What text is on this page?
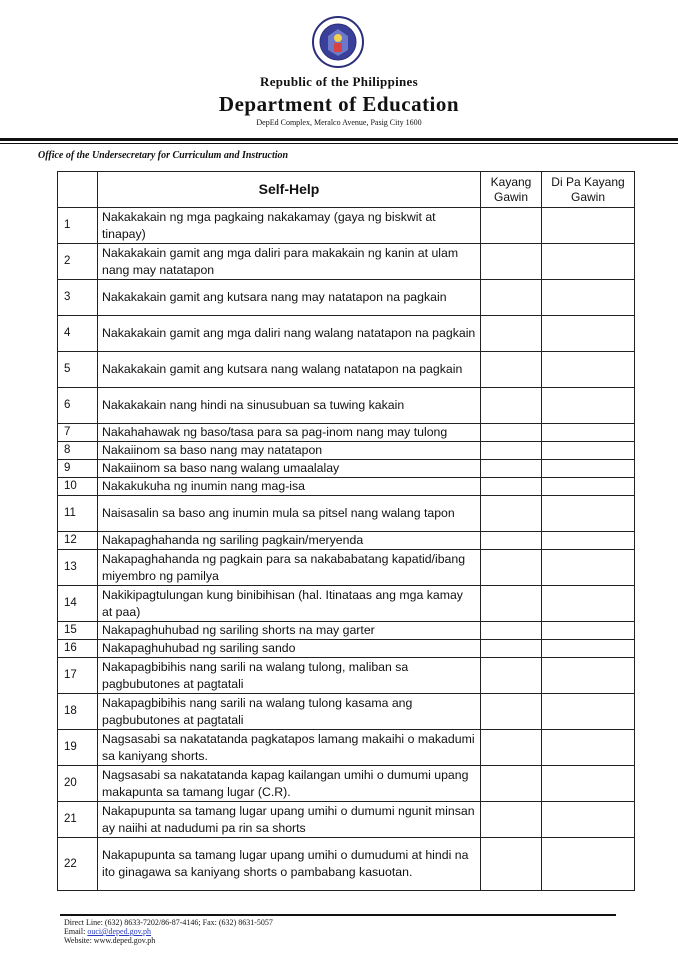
Republic of the Philippines
Department of Education
DepEd Complex, Meralco Avenue, Pasig City 1600
Office of the Undersecretary for Curriculum and Instruction
	Self-Help	Kayang Gawin	Di Pa Kayang Gawin
1	Nakakakain ng mga pagkaing nakakamay (gaya ng biskwit at tinapay)		
2	Nakakakain gamit ang mga daliri para makakain ng kanin at ulam nang may natatapon		
3	Nakakakain gamit ang kutsara nang may natatapon na pagkain		
4	Nakakakain gamit ang mga daliri nang walang natatapon na pagkain		
5	Nakakakain gamit ang kutsara nang walang natatapon na pagkain		
6	Nakakakain nang hindi na sinusubuan sa tuwing kakain		
7	Nakahahawak ng baso/tasa para sa pag-inom nang may tulong		
8	Nakaiinom sa baso nang may natatapon		
9	Nakaiinom sa baso nang walang umaalalay		
10	Nakakukuha ng inumin nang mag-isa		
11	Naisasalin sa baso ang inumin mula sa pitsel nang walang tapon		
12	Nakapaghahanda ng sariling pagkain/meryenda		
13	Nakapaghahanda ng pagkain para sa nakababatang kapatid/ibang miyembro ng pamilya		
14	Nakikipagtulungan kung binibihisan (hal. Itinataas ang mga kamay at paa)		
15	Nakapaghuhubad ng sariling shorts na may garter		
16	Nakapaghuhubad ng sariling sando		
17	Nakapagbibihis nang sarili na walang tulong, maliban sa pagbubutones at pagtatali		
18	Nakapagbibihis nang sarili na walang tulong kasama ang pagbubutones at pagtatali		
19	Nagsasabi sa nakatatanda pagkatapos lamang makaihi o makadumi sa kaniyang shorts.		
20	Nagsasabi sa nakatatanda kapag kailangan umihi o dumumi upang makapunta sa tamang lugar (C.R).		
21	Nakapupunta sa tamang lugar upang umihi o dumumi ngunit minsan ay naiihi at nadudumi pa rin sa shorts		
22	Nakapupunta sa tamang lugar upang umihi o dumudumi at hindi na ito ginagawa sa kaniyang shorts o pambabang kasuotan.		
Direct Line: (632) 8633-7202/86-87-4146; Fax: (632) 8631-5057
Email: ouci@deped.gov.ph
Website: www.deped.gov.ph
